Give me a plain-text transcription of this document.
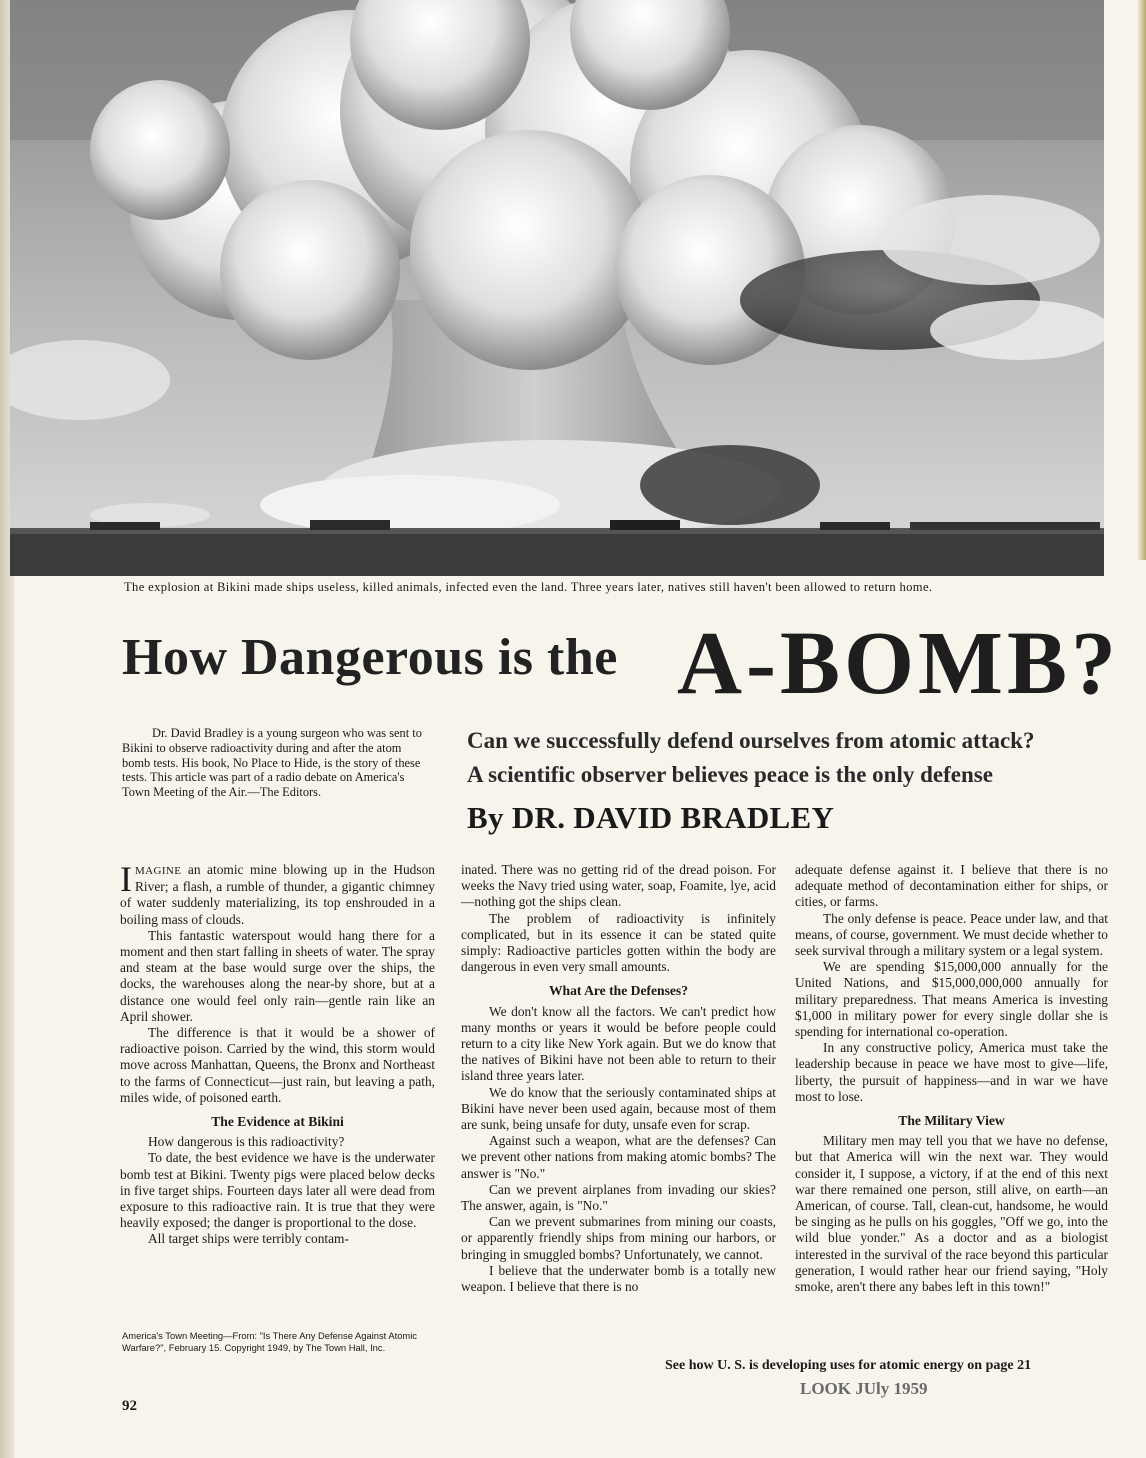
The explosion at Bikini made ships useless, killed animals, infected even the land. Three years later, natives still haven't been allowed to return home.
How Dangerous is the A-BOMB?

Dr. David Bradley is a young surgeon who was sent to Bikini to observe radioactivity during and after the atom bomb tests. His book, No Place to Hide, is the story of these tests. This article was part of a radio debate on America's Town Meeting of the Air.—The Editors.

Can we successfully defend ourselves from atomic attack?
A scientific observer believes peace is the only defense
By DR. DAVID BRADLEY

IMAGINE an atomic mine blowing up in the Hudson River; a flash, a rumble of thunder, a gigantic chimney of water suddenly materializing, its top enshrouded in a boiling mass of clouds.

This fantastic waterspout would hang there for a moment and then start falling in sheets of water. The spray and steam at the base would surge over the ships, the docks, the warehouses along the near-by shore, but at a distance one would feel only rain—gentle rain like an April shower.

The difference is that it would be a shower of radioactive poison. Carried by the wind, this storm would move across Manhattan, Queens, the Bronx and Northeast to the farms of Connecticut—just rain, but leaving a path, miles wide, of poisoned earth.

The Evidence at Bikini

How dangerous is this radioactivity?

To date, the best evidence we have is the underwater bomb test at Bikini. Twenty pigs were placed below decks in five target ships. Fourteen days later all were dead from exposure to this radioactive rain. It is true that they were heavily exposed; the danger is proportional to the dose.

All target ships were terribly contam-

inated. There was no getting rid of the dread poison. For weeks the Navy tried using water, soap, Foamite, lye, acid—nothing got the ships clean.

The problem of radioactivity is infinitely complicated, but in its essence it can be stated quite simply: Radioactive particles gotten within the body are dangerous in even very small amounts.

What Are the Defenses?

We don't know all the factors. We can't predict how many months or years it would be before people could return to a city like New York again. But we do know that the natives of Bikini have not been able to return to their island three years later.

We do know that the seriously contaminated ships at Bikini have never been used again, because most of them are sunk, being unsafe for duty, unsafe even for scrap.

Against such a weapon, what are the defenses? Can we prevent other nations from making atomic bombs? The answer is "No."

Can we prevent airplanes from invading our skies? The answer, again, is "No."

Can we prevent submarines from mining our coasts, or apparently friendly ships from mining our harbors, or bringing in smuggled bombs? Unfortunately, we cannot.

I believe that the underwater bomb is a totally new weapon. I believe that there is no

adequate defense against it. I believe that there is no adequate method of decontamination either for ships, or cities, or farms.

The only defense is peace. Peace under law, and that means, of course, government. We must decide whether to seek survival through a military system or a legal system.

We are spending $15,000,000 annually for the United Nations, and $15,000,000,000 annually for military preparedness. That means America is investing $1,000 in military power for every single dollar she is spending for international co-operation.

In any constructive policy, America must take the leadership because in peace we have most to give—life, liberty, the pursuit of happiness—and in war we have most to lose.

The Military View

Military men may tell you that we have no defense, but that America will win the next war. They would consider it, I suppose, a victory, if at the end of this next war there remained one person, still alive, on earth—an American, of course. Tall, clean-cut, handsome, he would be singing as he pulls on his goggles, "Off we go, into the wild blue yonder." As a doctor and as a biologist interested in the survival of the race beyond this particular generation, I would rather hear our friend saying, "Holy smoke, aren't there any babes left in this town!"

America's Town Meeting—From: "Is There Any Defense Against Atomic Warfare?", February 15. Copyright 1949, by The Town Hall, Inc.
See how U. S. is developing uses for atomic energy on page 21
92
LOOK JUly 1959
